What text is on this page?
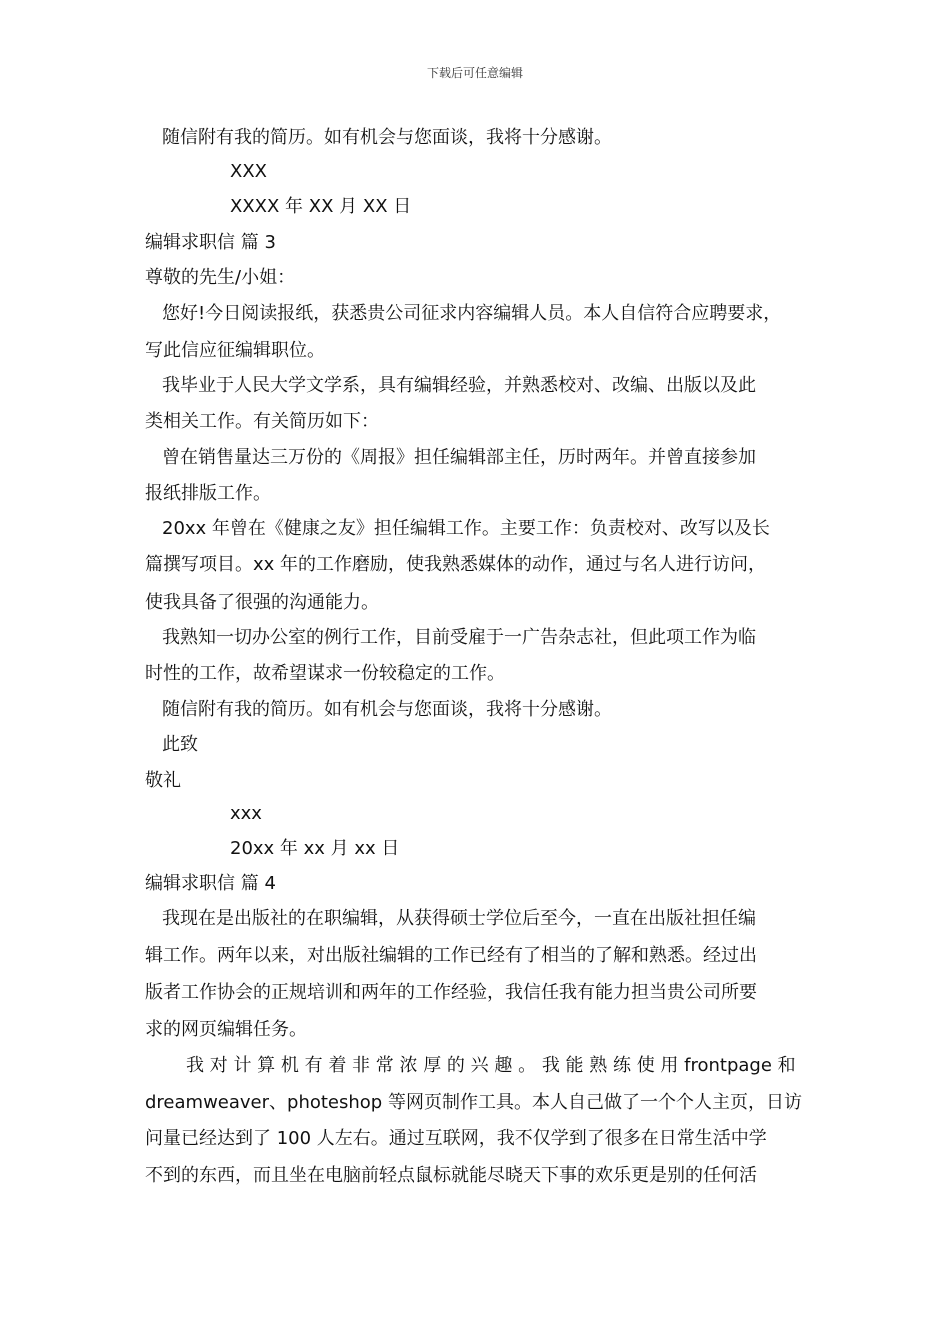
下载后可任意编辑
随信附有我的简历。如有机会与您面谈，我将十分感谢。
XXX
XXXX 年 XX 月 XX 日
编辑求职信 篇 3
尊敬的先生/小姐：
您好!今日阅读报纸，获悉贵公司征求内容编辑人员。本人自信符合应聘要求，
写此信应征编辑职位。
我毕业于人民大学文学系，具有编辑经验，并熟悉校对、改编、出版以及此
类相关工作。有关简历如下：
曾在销售量达三万份的《周报》担任编辑部主任，历时两年。并曾直接参加
报纸排版工作。
20xx 年曾在《健康之友》担任编辑工作。主要工作：负责校对、改写以及长
篇撰写项目。xx 年的工作磨励，使我熟悉媒体的动作，通过与名人进行访问，
使我具备了很强的沟通能力。
我熟知一切办公室的例行工作，目前受雇于一广告杂志社，但此项工作为临
时性的工作，故希望谋求一份较稳定的工作。
随信附有我的简历。如有机会与您面谈，我将十分感谢。
此致
敬礼
xxx
20xx 年 xx 月 xx 日
编辑求职信 篇 4
我现在是出版社的在职编辑，从获得硕士学位后至今，一直在出版社担任编
辑工作。两年以来，对出版社编辑的工作已经有了相当的了解和熟悉。经过出
版者工作协会的正规培训和两年的工作经验，我信任我有能力担当贵公司所要
求的网页编辑任务。
我 对 计 算 机 有 着 非 常 浓 厚 的 兴 趣 。 我 能 熟 练 使 用 frontpage 和
dreamweaver、photeshop 等网页制作工具。本人自己做了一个个人主页，日访
问量已经达到了 100 人左右。通过互联网，我不仅学到了很多在日常生活中学
不到的东西，而且坐在电脑前轻点鼠标就能尽晓天下事的欢乐更是别的任何活
